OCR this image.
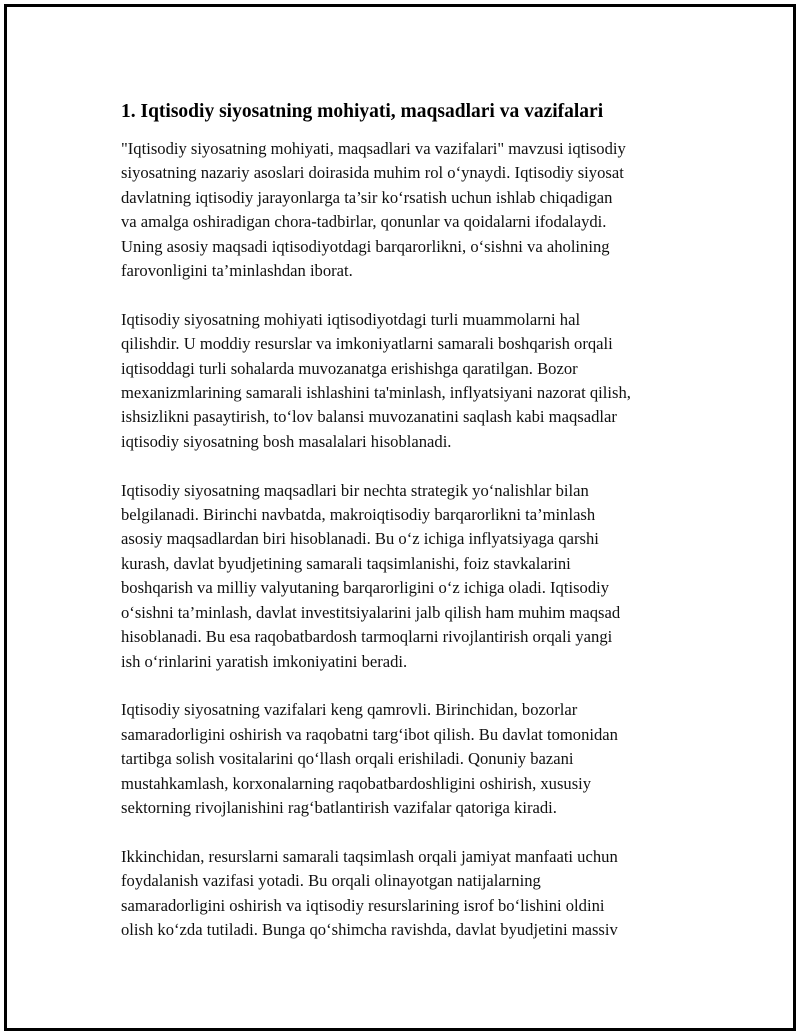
1. Iqtisodiy siyosatning mohiyati, maqsadlari va vazifalari

"Iqtisodiy siyosatning mohiyati, maqsadlari va vazifalari" mavzusi iqtisodiy
siyosatning nazariy asoslari doirasida muhim rol o‘ynaydi. Iqtisodiy siyosat
davlatning iqtisodiy jarayonlarga ta’sir ko‘rsatish uchun ishlab chiqadigan
va amalga oshiradigan chora-tadbirlar, qonunlar va qoidalarni ifodalaydi.
Uning asosiy maqsadi iqtisodiyotdagi barqarorlikni, o‘sishni va aholining
farovonligini ta’minlashdan iborat.

Iqtisodiy siyosatning mohiyati iqtisodiyotdagi turli muammolarni hal
qilishdir. U moddiy resurslar va imkoniyatlarni samarali boshqarish orqali
iqtisoddagi turli sohalarda muvozanatga erishishga qaratilgan. Bozor
mexanizmlarining samarali ishlashini ta'minlash, inflyatsiyani nazorat qilish,
ishsizlikni pasaytirish, to‘lov balansi muvozanatini saqlash kabi maqsadlar
iqtisodiy siyosatning bosh masalalari hisoblanadi.

Iqtisodiy siyosatning maqsadlari bir nechta strategik yo‘nalishlar bilan
belgilanadi. Birinchi navbatda, makroiqtisodiy barqarorlikni ta’minlash
asosiy maqsadlardan biri hisoblanadi. Bu o‘z ichiga inflyatsiyaga qarshi
kurash, davlat byudjetining samarali taqsimlanishi, foiz stavkalarini
boshqarish va milliy valyutaning barqarorligini o‘z ichiga oladi. Iqtisodiy
o‘sishni ta’minlash, davlat investitsiyalarini jalb qilish ham muhim maqsad
hisoblanadi. Bu esa raqobatbardosh tarmoqlarni rivojlantirish orqali yangi
ish o‘rinlarini yaratish imkoniyatini beradi.

Iqtisodiy siyosatning vazifalari keng qamrovli. Birinchidan, bozorlar
samaradorligini oshirish va raqobatni targ‘ibot qilish. Bu davlat tomonidan
tartibga solish vositalarini qo‘llash orqali erishiladi. Qonuniy bazani
mustahkamlash, korxonalarning raqobatbardoshligini oshirish, xususiy
sektorning rivojlanishini rag‘batlantirish vazifalar qatoriga kiradi.

Ikkinchidan, resurslarni samarali taqsimlash orqali jamiyat manfaati uchun
foydalanish vazifasi yotadi. Bu orqali olinayotgan natijalarning
samaradorligini oshirish va iqtisodiy resurslarining isrof bo‘lishini oldini
olish ko‘zda tutiladi. Bunga qo‘shimcha ravishda, davlat byudjetini massiv
